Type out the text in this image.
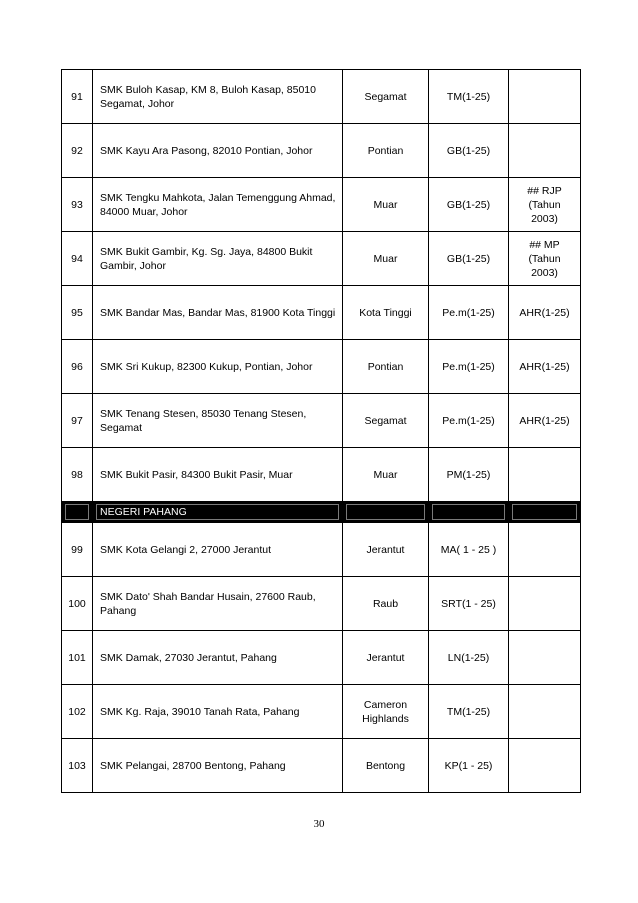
91	SMK Buloh Kasap, KM 8, Buloh Kasap, 85010 Segamat, Johor	Segamat	TM(1-25)	
92	SMK Kayu Ara Pasong, 82010 Pontian, Johor	Pontian	GB(1-25)	
93	SMK Tengku Mahkota, Jalan Temenggung Ahmad, 84000 Muar, Johor	Muar	GB(1-25)	## RJP
(Tahun
2003)

94	SMK Bukit Gambir, Kg. Sg. Jaya, 84800 Bukit Gambir, Johor	Muar	GB(1-25)	## MP
(Tahun
2003)

95	SMK Bandar Mas, Bandar Mas, 81900 Kota Tinggi	Kota Tinggi	Pe.m(1-25)	AHR(1-25)

96	SMK Sri Kukup, 82300 Kukup, Pontian, Johor	Pontian	Pe.m(1-25)	AHR(1-25)

97	SMK Tenang Stesen, 85030 Tenang Stesen, Segamat	Segamat	Pe.m(1-25)	AHR(1-25)

98	SMK Bukit Pasir, 84300 Bukit Pasir, Muar	Muar	PM(1-25)	

	NEGERI PAHANG			

99	SMK Kota Gelangi 2, 27000 Jerantut	Jerantut	MA( 1 - 25 )	
100	SMK Dato' Shah Bandar Husain, 27600 Raub, Pahang	Raub	SRT(1 - 25)	
101	SMK Damak, 27030 Jerantut, Pahang	Jerantut	LN(1-25)	
102	SMK Kg. Raja, 39010 Tanah Rata, Pahang	Cameron Highlands	TM(1-25)	
103	SMK Pelangai, 28700 Bentong, Pahang	Bentong	KP(1 - 25)	
30
